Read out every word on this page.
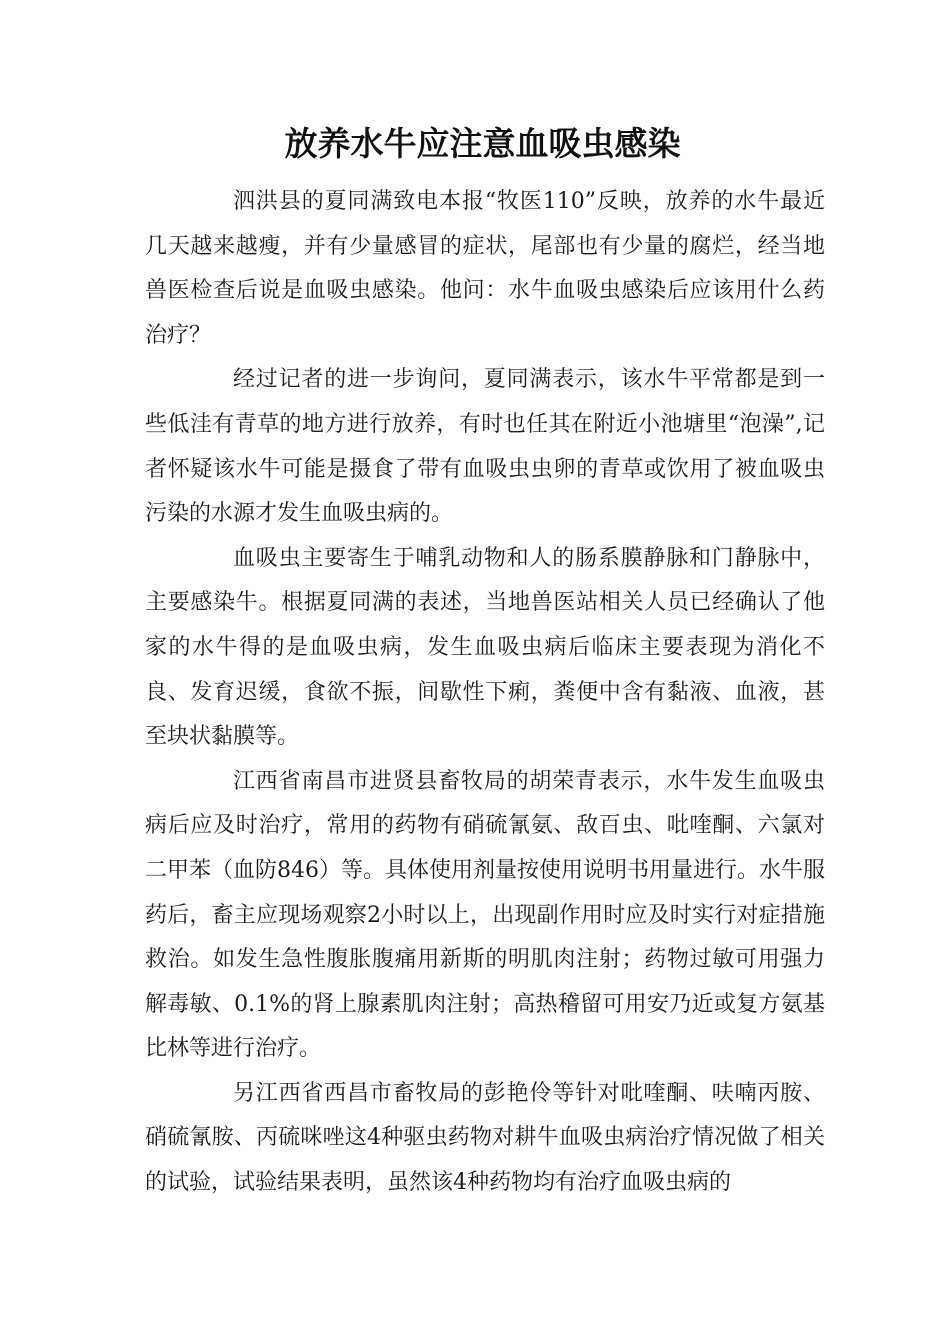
放养水牛应注意血吸虫感染

泗洪县的夏同满致电本报“牧医110”反映，放养的水牛最近几天越来越瘦，并有少量感冒的症状，尾部也有少量的腐烂，经当地兽医检查后说是血吸虫感染。他问：水牛血吸虫感染后应该用什么药治疗？

经过记者的进一步询问，夏同满表示，该水牛平常都是到一些低洼有青草的地方进行放养，有时也任其在附近小池塘里“泡澡”,记者怀疑该水牛可能是摄食了带有血吸虫虫卵的青草或饮用了被血吸虫污染的水源才发生血吸虫病的。

血吸虫主要寄生于哺乳动物和人的肠系膜静脉和门静脉中，主要感染牛。根据夏同满的表述，当地兽医站相关人员已经确认了他家的水牛得的是血吸虫病，发生血吸虫病后临床主要表现为消化不良、发育迟缓，食欲不振，间歇性下痢，粪便中含有黏液、血液，甚至块状黏膜等。

江西省南昌市进贤县畜牧局的胡荣青表示，水牛发生血吸虫病后应及时治疗，常用的药物有硝硫氰氨、敌百虫、吡喹酮、六氯对二甲苯（血防846）等。具体使用剂量按使用说明书用量进行。水牛服药后，畜主应现场观察2小时以上，出现副作用时应及时实行对症措施救治。如发生急性腹胀腹痛用新斯的明肌肉注射；药物过敏可用强力解毒敏、0.1%的肾上腺素肌肉注射；高热稽留可用安乃近或复方氨基比林等进行治疗。

另江西省西昌市畜牧局的彭艳伶等针对吡喹酮、呋喃丙胺、硝硫氰胺、丙硫咪唑这4种驱虫药物对耕牛血吸虫病治疗情况做了相关的试验，试验结果表明，虽然该4种药物均有治疗血吸虫病的
